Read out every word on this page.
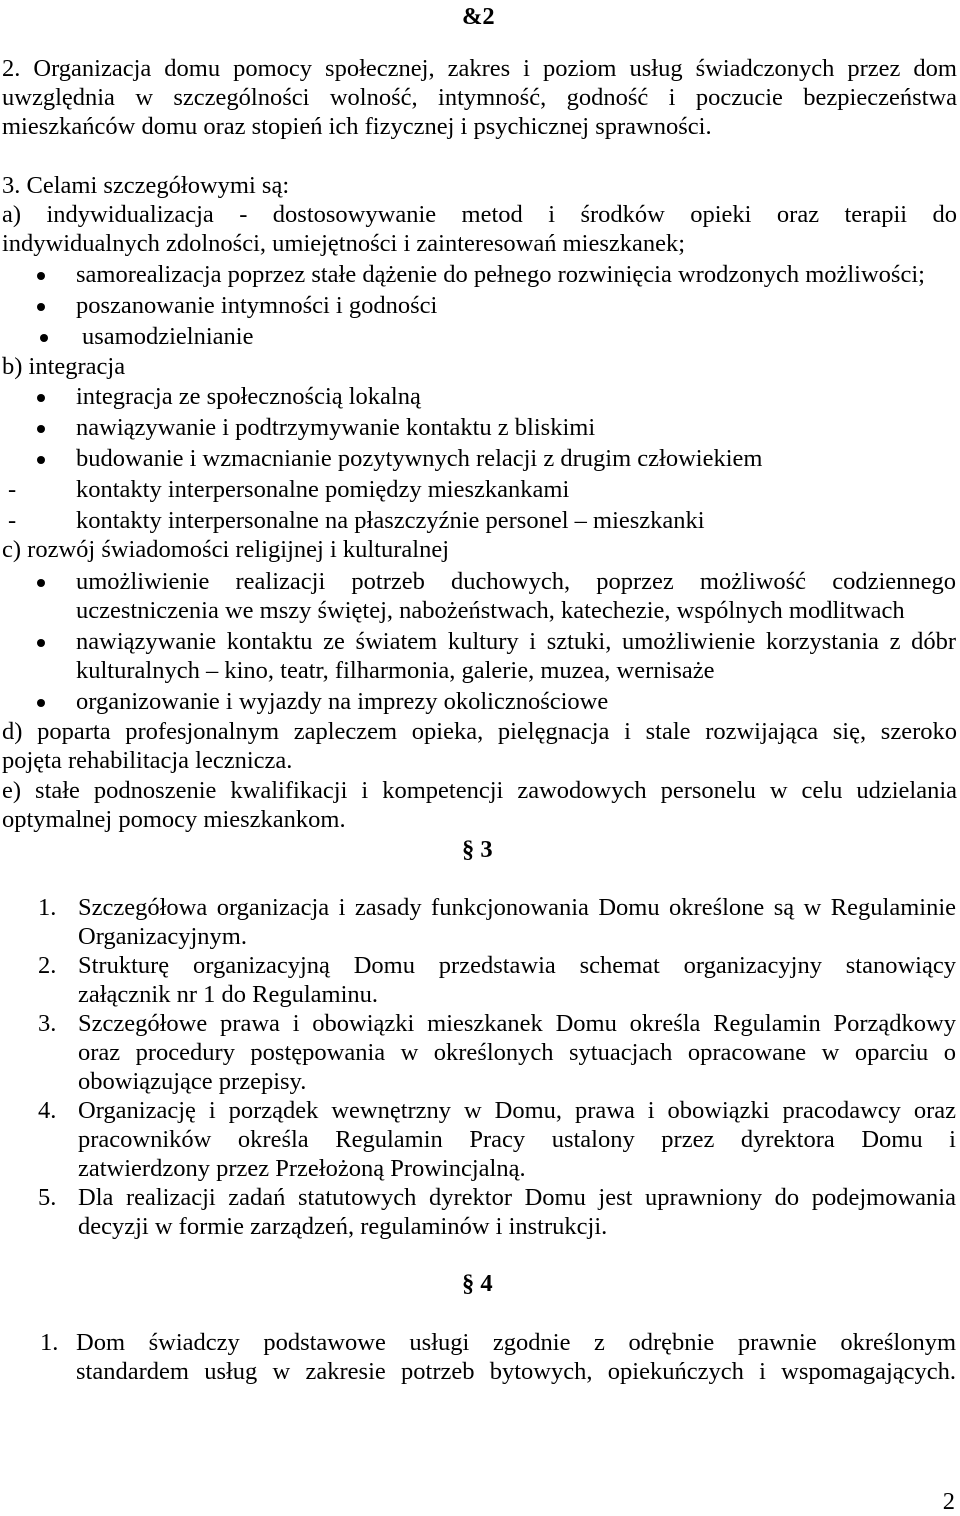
&2
2. Organizacja domu pomocy społecznej, zakres i poziom usług świadczonych przez dom
uwzględnia w szczególności wolność, intymność, godność i poczucie bezpieczeństwa
mieszkańców domu oraz stopień ich fizycznej i psychicznej sprawności.
3. Celami szczegółowymi są:
a) indywidualizacja - dostosowywanie metod i środków opieki oraz terapii do
indywidualnych zdolności, umiejętności i zainteresowań mieszkanek;
samorealizacja poprzez stałe dążenie do pełnego rozwinięcia wrodzonych możliwości;
poszanowanie intymności i godności
usamodzielnianie
b) integracja
integracja ze społecznością lokalną
nawiązywanie i podtrzymywanie kontaktu z bliskimi
budowanie i wzmacnianie pozytywnych relacji z drugim człowiekiem
- kontakty interpersonalne pomiędzy mieszkankami
- kontakty interpersonalne na płaszczyźnie personel – mieszkanki
c) rozwój świadomości religijnej i kulturalnej
umożliwienie realizacji potrzeb duchowych, poprzez możliwość codziennego
uczestniczenia we mszy świętej, nabożeństwach, katechezie, wspólnych modlitwach
nawiązywanie kontaktu ze światem kultury i sztuki, umożliwienie korzystania z dóbr
kulturalnych – kino, teatr, filharmonia, galerie, muzea, wernisaże
organizowanie i wyjazdy na imprezy okolicznościowe
d) poparta profesjonalnym zapleczem opieka, pielęgnacja i stale rozwijająca się, szeroko
pojęta rehabilitacja lecznicza.
e) stałe podnoszenie kwalifikacji i kompetencji zawodowych personelu w celu udzielania
optymalnej pomocy mieszkankom.
§ 3
1. Szczegółowa organizacja i zasady funkcjonowania Domu określone są w Regulaminie
Organizacyjnym.
2. Strukturę organizacyjną Domu przedstawia schemat organizacyjny stanowiący
załącznik nr 1 do Regulaminu.
3. Szczegółowe prawa i obowiązki mieszkanek Domu określa Regulamin Porządkowy
oraz procedury postępowania w określonych sytuacjach opracowane w oparciu o
obowiązujące przepisy.
4. Organizację i porządek wewnętrzny w Domu, prawa i obowiązki pracodawcy oraz
pracowników określa Regulamin Pracy ustalony przez dyrektora Domu i
zatwierdzony przez Przełożoną Prowincjalną.
5. Dla realizacji zadań statutowych dyrektor Domu jest uprawniony do podejmowania
decyzji w formie zarządzeń, regulaminów i instrukcji.
§ 4
1. Dom świadczy podstawowe usługi zgodnie z odrębnie prawnie określonym
standardem usług w zakresie potrzeb bytowych, opiekuńczych i wspomagających.
2
